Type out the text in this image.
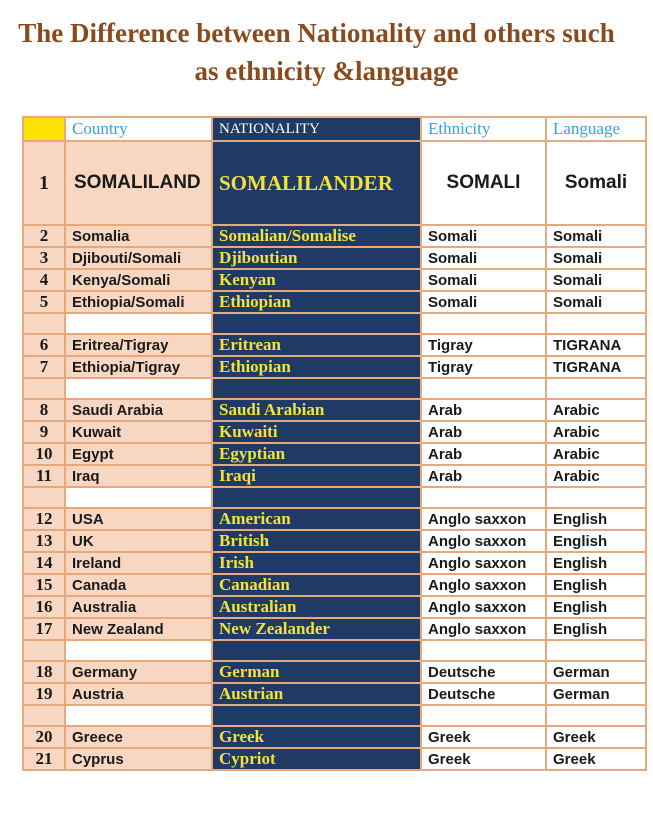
The Difference between Nationality and others such
as ethnicity &language
	Country	NATIONALITY	Ethnicity	Language
1	SOMALILAND	SOMALILANDER	SOMALI	Somali
2	Somalia	Somalian/Somalise	Somali	Somali
3	Djibouti/Somali	Djiboutian	Somali	Somali
4	Kenya/Somali	Kenyan	Somali	Somali
5	Ethiopia/Somali	Ethiopian	Somali	Somali

6	Eritrea/Tigray	Eritrean	Tigray	TIGRANA
7	Ethiopia/Tigray	Ethiopian	Tigray	TIGRANA

8	Saudi Arabia	Saudi Arabian	Arab	Arabic
9	Kuwait	Kuwaiti	Arab	Arabic
10	Egypt	Egyptian	Arab	Arabic
11	Iraq	Iraqi	Arab	Arabic

12	USA	American	Anglo saxxon	English
13	UK	British	Anglo saxxon	English
14	Ireland	Irish	Anglo saxxon	English
15	Canada	Canadian	Anglo saxxon	English
16	Australia	Australian	Anglo saxxon	English
17	New Zealand	New Zealander	Anglo saxxon	English

18	Germany	German	Deutsche	German
19	Austria	Austrian	Deutsche	German

20	Greece	Greek	Greek	Greek
21	Cyprus	Cypriot	Greek	Greek
